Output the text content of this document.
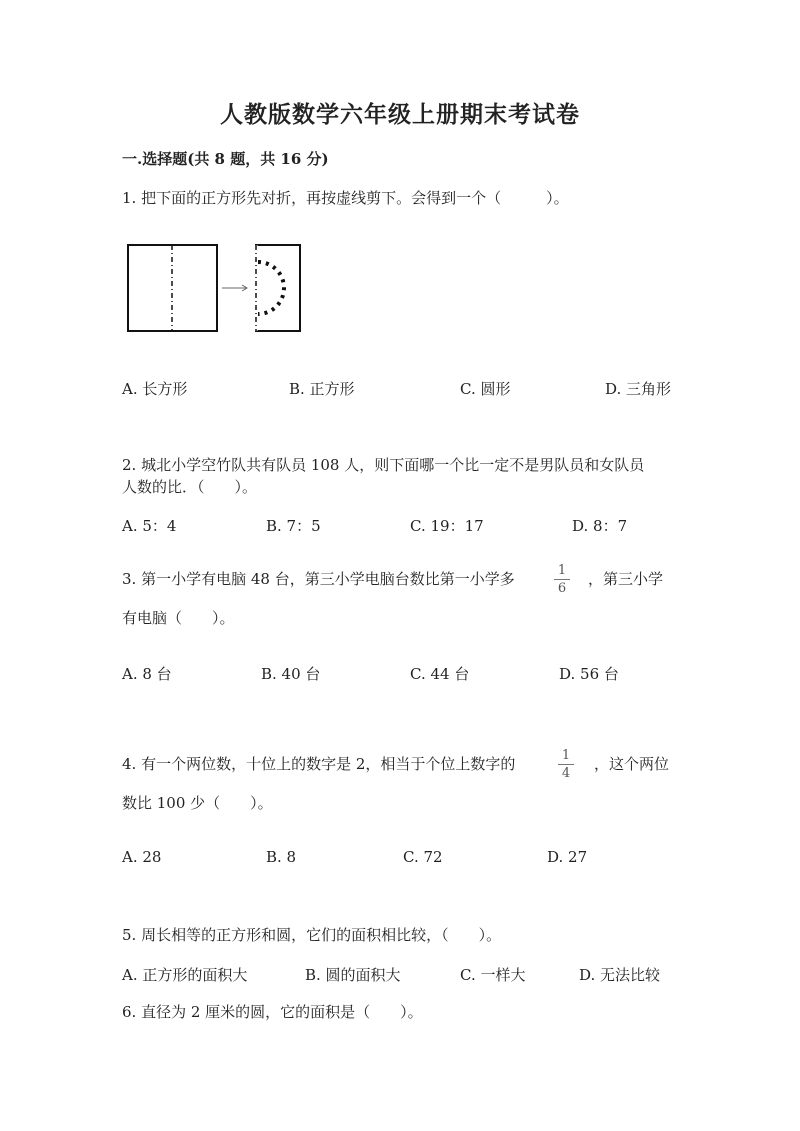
人教版数学六年级上册期末考试卷
一.选择题(共 8 题，共 16 分)
1. 把下面的正方形先对折，再按虚线剪下。会得到一个（　　　）。
A. 长方形	B. 正方形	C. 圆形	D. 三角形
2. 城北小学空竹队共有队员 108 人，则下面哪一个比一定不是男队员和女队员
人数的比．（　　）。
A. 5：4	B. 7：5	C. 19：17	D. 8：7
3. 第一小学有电脑 48 台，第三小学电脑台数比第一小学多	1
6
，第三小学
有电脑（　　）。
A. 8 台	B. 40 台	C. 44 台	D. 56 台
4. 有一个两位数，十位上的数字是 2，相当于个位上数字的	1
4
，这个两位
数比 100 少（　　）。
A. 28	B. 8	C. 72	D. 27
5. 周长相等的正方形和圆，它们的面积相比较，（　　）。
A. 正方形的面积大	B. 圆的面积大	C. 一样大	D. 无法比较
6. 直径为 2 厘米的圆，它的面积是（　　）。
